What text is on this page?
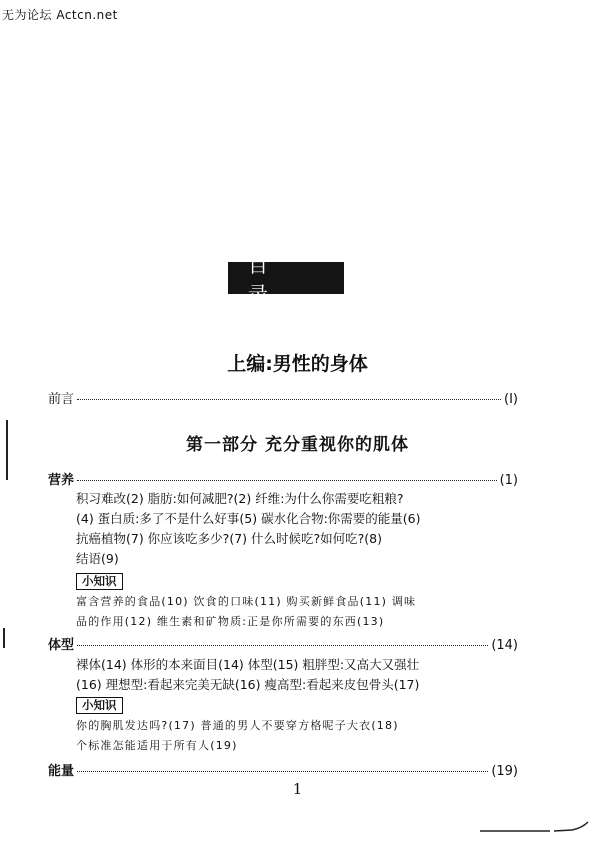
无为论坛 Actcn.net
目 录
上编:男性的身体
前言	(Ⅰ)
第一部分 充分重视你的肌体
营养	(1)
积习难改(2) 脂肪:如何减肥?(2) 纤维:为什么你需要吃粗粮?
(4) 蛋白质:多了不是什么好事(5) 碳水化合物:你需要的能量(6)
抗癌植物(7) 你应该吃多少?(7) 什么时候吃?如何吃?(8)
结语(9)
小知识
富含营养的食品(10) 饮食的口味(11) 购买新鲜食品(11) 调味
品的作用(12) 维生素和矿物质:正是你所需要的东西(13)
体型	(14)
裸体(14) 体形的本来面目(14) 体型(15) 粗胖型:又高大又强壮
(16) 理想型:看起来完美无缺(16) 瘦高型:看起来皮包骨头(17)
小知识
你的胸肌发达吗?(17) 普通的男人不要穿方格呢子大衣(18)
个标准怎能适用于所有人(19)
能量	(19)
1
